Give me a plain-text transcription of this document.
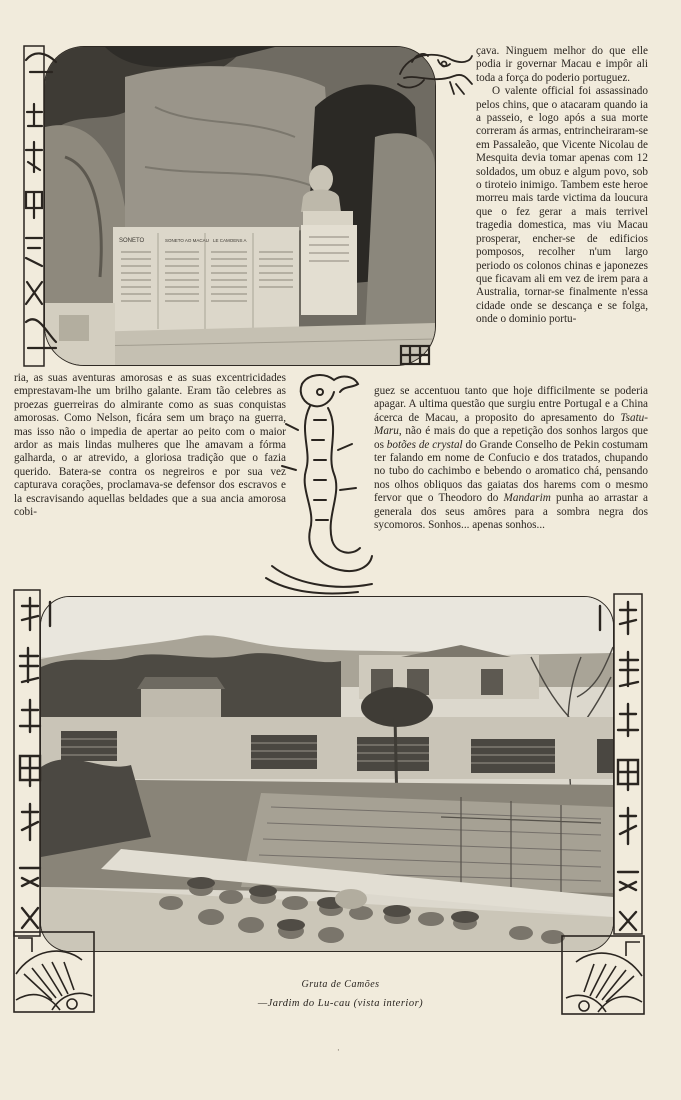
SONETO	SONETO AO MACAU LE CAMOENS A

çava. Ninguem melhor do que elle podia ir governar Macau e impôr ali toda a força do poderio portuguez.

O valente official foi assassinado pelos chins, que o atacaram quando ia a passeio, e logo após a sua morte correram ás armas, entrincheiraram-se em Passaleão, que Vicente Nicolau de Mesquita devia tomar apenas com 12 soldados, um obuz e algum povo, sob o tiroteio inimigo. Tambem este heroe morreu mais tarde victima da loucura que o fez gerar a mais terrivel tragedia domestica, mas viu Macau prosperar, encher-se de edificios pomposos, recolher n'um largo periodo os colonos chinas e japonezes que ficavam ali em vez de irem para a Australia, tornar-se finalmente n'essa cidade onde se descança e se folga, onde o dominio portu-

ria, as suas aventuras amorosas e as suas excentricidades emprestavam-lhe um brilho galante. Eram tão celebres as proezas guerreiras do almirante como as suas conquistas amorosas. Como Nelson, ficára sem um braço na guerra, mas isso não o impedia de apertar ao peito com o maior ardor as mais lindas mulheres que lhe amavam a fórma galharda, o ar atrevido, a gloriosa tradição que o fazia querido. Batera-se contra os negreiros e por sua vez capturava corações, proclamava-se defensor dos escravos e la escravisando aquellas beldades que a sua ancia amorosa cobi-

guez se accentuou tanto que hoje difficilmente se poderia apagar. A ultima questão que surgiu entre Portugal e a China ácerca de Macau, a proposito do apresamento do Tsatu-Maru, não é mais do que a repetição dos sonhos largos que os botões de crystal do Grande Conselho de Pekin costumam ter falando em nome de Confucio e dos tratados, chupando no tubo do cachimbo e bebendo o aromatico chá, pensando nos olhos obliquos das gaiatas dos harems com o mesmo fervor que o Theodoro do Mandarim punha ao arrastar a generala dos seus amôres para a sombra negra dos sycomoros. Sonhos... apenas sonhos...

Gruta de Camões

—Jardim do Lu-cau (vista interior)

·
